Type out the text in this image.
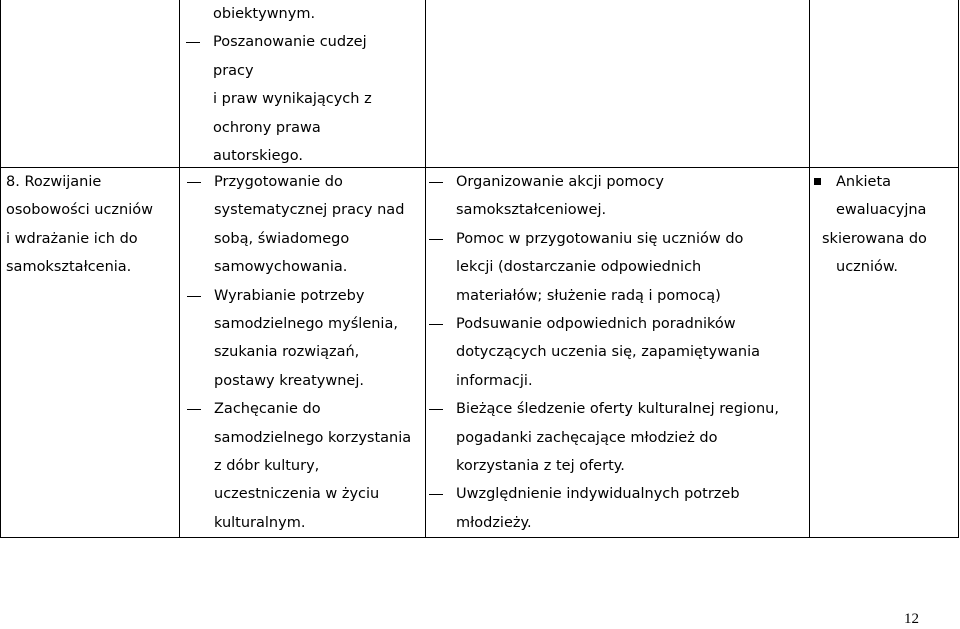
obiektywnym.
Poszanowanie cudzej
pracy
i praw wynikających z
ochrony prawa
autorskiego.
8. Rozwijanie
osobowości uczniów
i wdrażanie ich do
samokształcenia.
Przygotowanie do
systematycznej pracy nad
sobą, świadomego
samowychowania.
Wyrabianie potrzeby
samodzielnego myślenia,
szukania rozwiązań,
postawy kreatywnej.
Zachęcanie do
samodzielnego korzystania
z dóbr kultury,
uczestniczenia w życiu
kulturalnym.
Organizowanie akcji pomocy
samokształceniowej.
Pomoc w przygotowaniu się uczniów do
lekcji (dostarczanie odpowiednich
materiałów; służenie radą i pomocą)
Podsuwanie odpowiednich poradników
dotyczących uczenia się, zapamiętywania
informacji.
Bieżące śledzenie oferty kulturalnej regionu,
pogadanki zachęcające młodzież do
korzystania z tej oferty.
Uwzględnienie indywidualnych potrzeb
młodzieży.
Ankieta
ewaluacyjna
skierowana do
uczniów.
12
